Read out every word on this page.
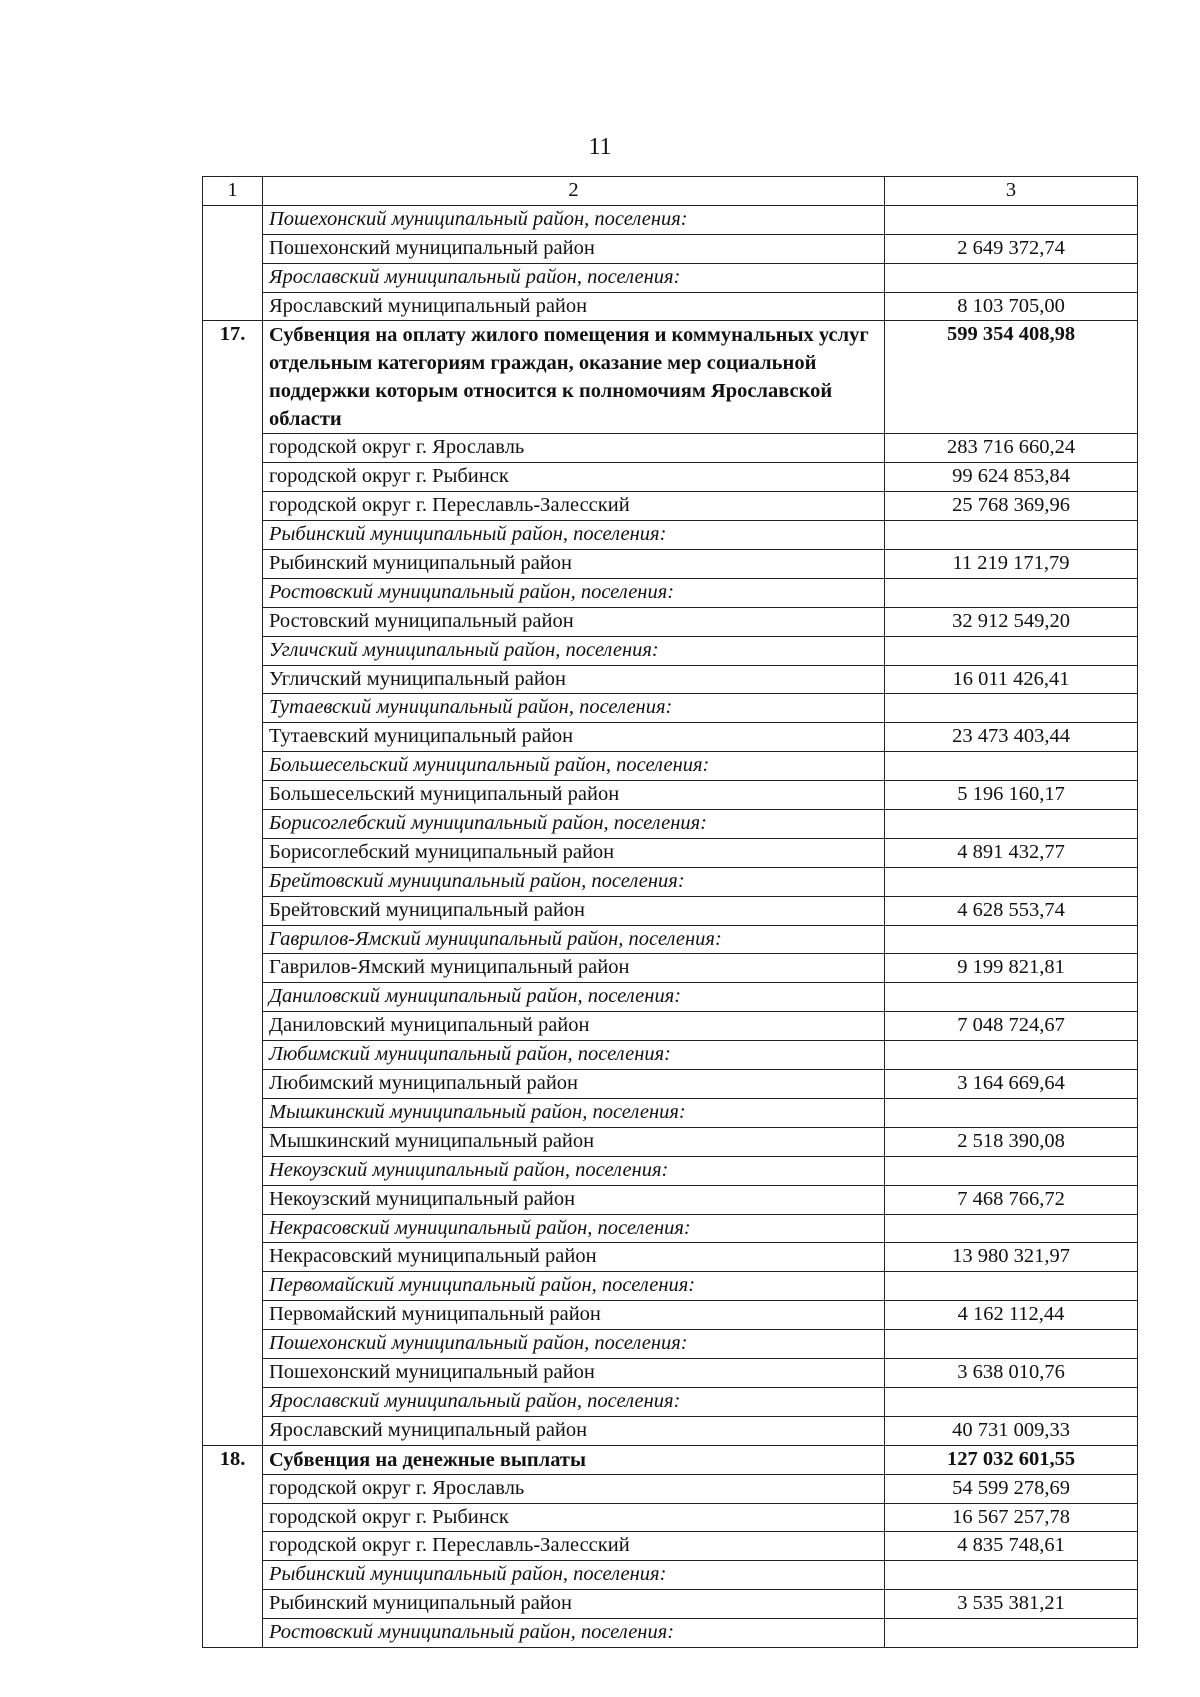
11
1	2	3
	Пошехонский муниципальный район, поселения:	
	Пошехонский муниципальный район	2 649 372,74
	Ярославский муниципальный район, поселения:	
	Ярославский муниципальный район	8 103 705,00
17.	Субвенция на оплату жилого помещения и коммунальных услуг отдельным категориям граждан, оказание мер социальной поддержки которым относится к полномочиям Ярославской области	599 354 408,98
	городской округ г. Ярославль	283 716 660,24
	городской округ г. Рыбинск	99 624 853,84
	городской округ г. Переславль-Залесский	25 768 369,96
	Рыбинский муниципальный район, поселения:	
	Рыбинский муниципальный район	11 219 171,79
	Ростовский муниципальный район, поселения:	
	Ростовский муниципальный район	32 912 549,20
	Угличский муниципальный район, поселения:	
	Угличский муниципальный район	16 011 426,41
	Тутаевский муниципальный район, поселения:	
	Тутаевский муниципальный район	23 473 403,44
	Большесельский муниципальный район, поселения:	
	Большесельский муниципальный район	5 196 160,17
	Борисоглебский муниципальный район, поселения:	
	Борисоглебский муниципальный район	4 891 432,77
	Брейтовский муниципальный район, поселения:	
	Брейтовский муниципальный район	4 628 553,74
	Гаврилов-Ямский муниципальный район, поселения:	
	Гаврилов-Ямский муниципальный район	9 199 821,81
	Даниловский муниципальный район, поселения:	
	Даниловский муниципальный район	7 048 724,67
	Любимский муниципальный район, поселения:	
	Любимский муниципальный район	3 164 669,64
	Мышкинский муниципальный район, поселения:	
	Мышкинский муниципальный район	2 518 390,08
	Некоузский муниципальный район, поселения:	
	Некоузский муниципальный район	7 468 766,72
	Некрасовский муниципальный район, поселения:	
	Некрасовский муниципальный район	13 980 321,97
	Первомайский муниципальный район, поселения:	
	Первомайский муниципальный район	4 162 112,44
	Пошехонский муниципальный район, поселения:	
	Пошехонский муниципальный район	3 638 010,76
	Ярославский муниципальный район, поселения:	
	Ярославский муниципальный район	40 731 009,33
18.	Субвенция на денежные выплаты	127 032 601,55
	городской округ г. Ярославль	54 599 278,69
	городской округ г. Рыбинск	16 567 257,78
	городской округ г. Переславль-Залесский	4 835 748,61
	Рыбинский муниципальный район, поселения:	
	Рыбинский муниципальный район	3 535 381,21
	Ростовский муниципальный район, поселения:	
